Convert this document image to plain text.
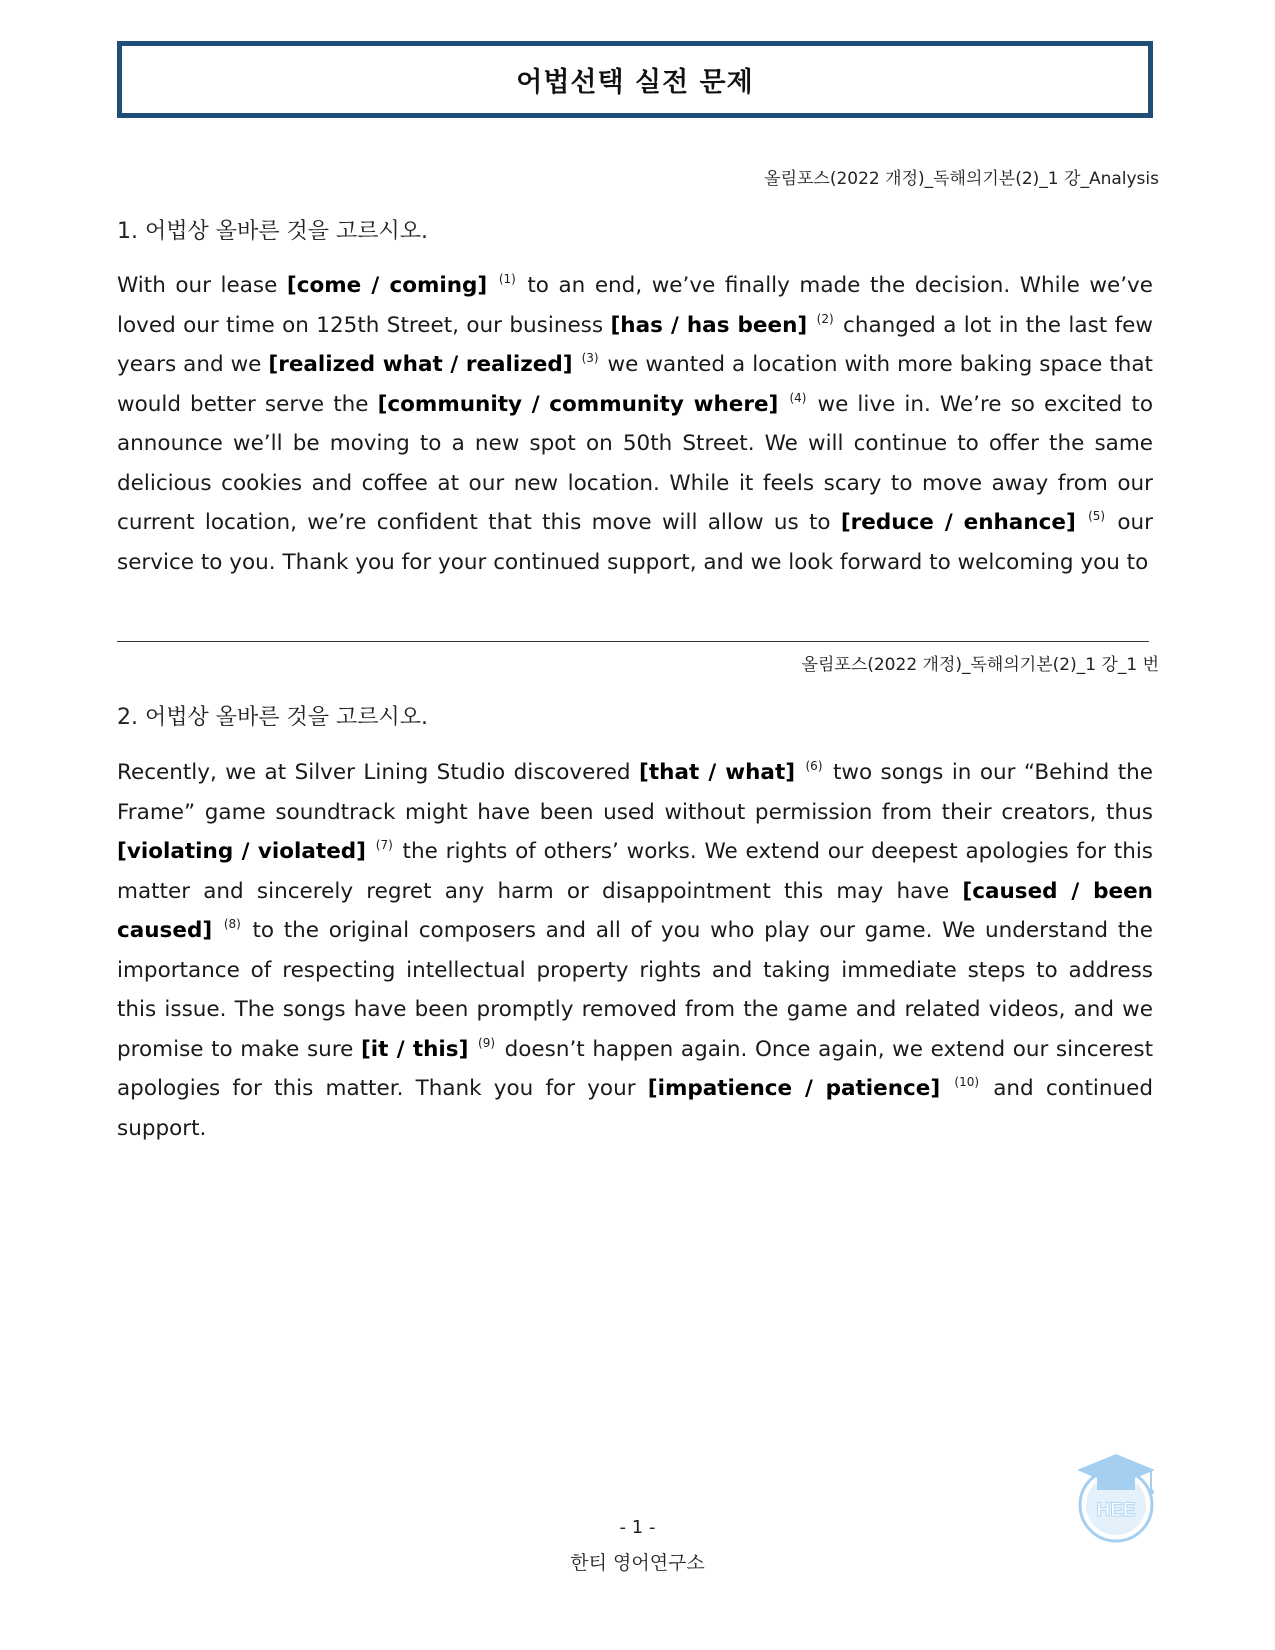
어법선택 실전 문제
올림포스(2022 개정)_독해의기본(2)_1 강_Analysis
1. 어법상 올바른 것을 고르시오.

With our lease [come / coming] $^{(1)}$ to an end, we’ve finally made the decision. While we’ve loved our time on 125th Street, our business [has / has been] $^{(2)}$ changed a lot in the last few years and we [realized what / realized] $^{(3)}$ we wanted a location with more baking space that would better serve the [community / community where] $^{(4)}$ we live in. We’re so excited to announce we’ll be moving to a new spot on 50th Street. We will continue to offer the same delicious cookies and coffee at our new location. While it feels scary to move away from our current location, we’re confident that this move will allow us to [reduce / enhance] $^{(5)}$ our service to you. Thank you for your continued support, and we look forward to welcoming you to

올림포스(2022 개정)_독해의기본(2)_1 강_1 번
2. 어법상 올바른 것을 고르시오.

Recently, we at Silver Lining Studio discovered [that / what] $^{(6)}$ two songs in our “Behind the Frame” game soundtrack might have been used without permission from their creators, thus [violating / violated] $^{(7)}$ the rights of others’ works. We extend our deepest apologies for this matter and sincerely regret any harm or disappointment this may have [caused / been caused] $^{(8)}$ to the original composers and all of you who play our game. We understand the importance of respecting intellectual property rights and taking immediate steps to address this issue. The songs have been promptly removed from the game and related videos, and we promise to make sure [it / this] $^{(9)}$ doesn’t happen again. Once again, we extend our sincerest apologies for this matter. Thank you for your [impatience / patience] $^{(10)}$ and continued support.

HEE
- 1 -
한티 영어연구소
